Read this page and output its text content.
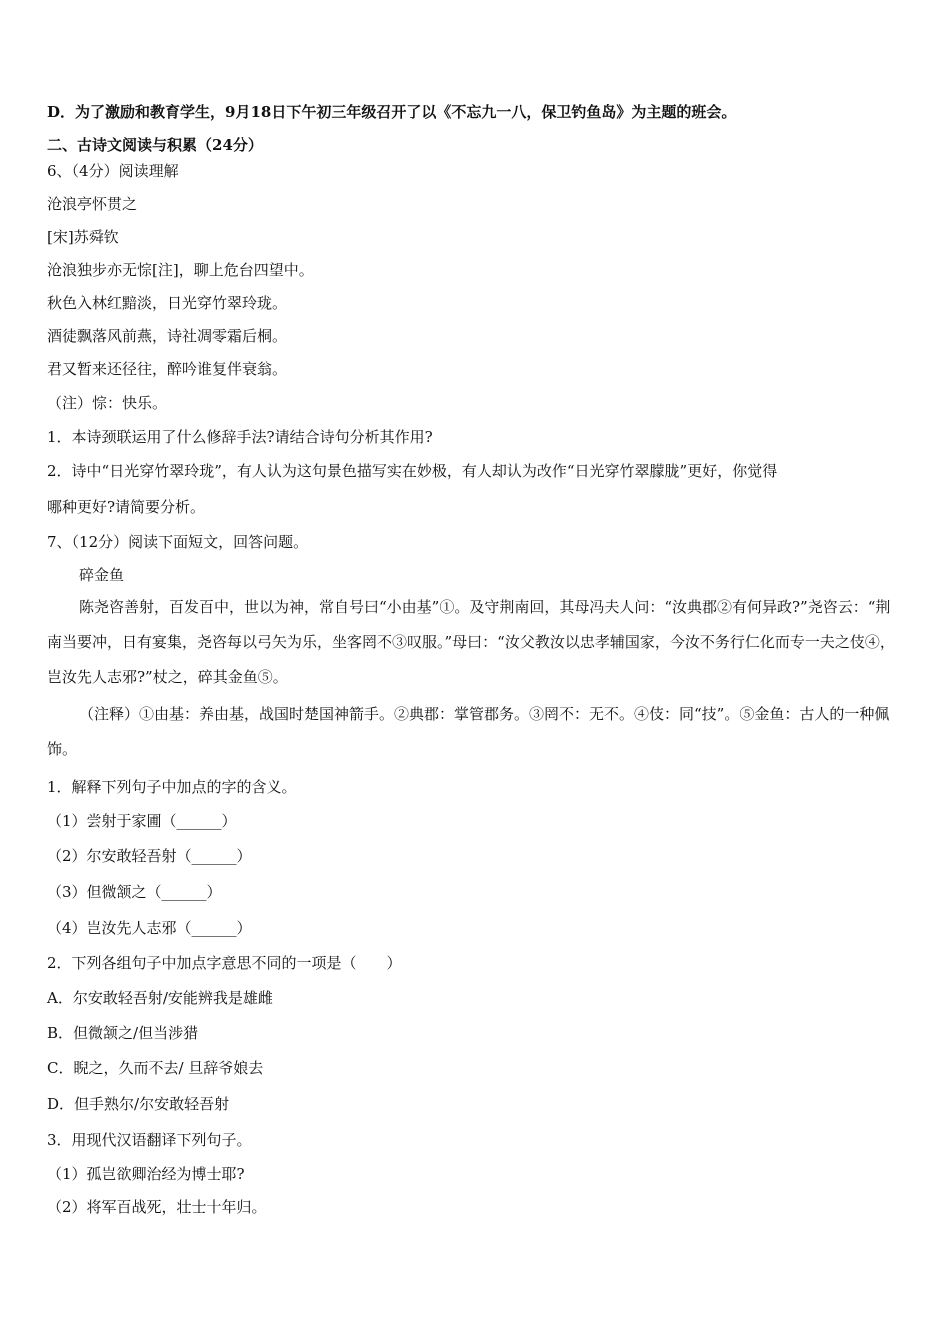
D．为了激励和教育学生，9月18日下午初三年级召开了以《不忘九一八，保卫钓鱼岛》为主题的班会。
二、古诗文阅读与积累（24分）
6、（4分）阅读理解
沧浪亭怀贯之
[宋]苏舜钦
沧浪独步亦无悰[注]，聊上危台四望中。
秋色入林红黯淡，日光穿竹翠玲珑。
酒徒飘落风前燕，诗社凋零霜后桐。
君又暂来还径往，醉吟谁复伴衰翁。
（注）悰：快乐。
1．本诗颈联运用了什么修辞手法?请结合诗句分析其作用?
2．诗中“日光穿竹翠玲珑”，有人认为这句景色描写实在妙极，有人却认为改作“日光穿竹翠朦胧”更好，你觉得
哪种更好?请简要分析。
7、（12分）阅读下面短文，回答问题。
碎金鱼
陈尧咨善射，百发百中，世以为神，常自号曰“小由基”①。及守荆南回，其母冯夫人问：“汝典郡②有何异政?”尧咨云：“荆南当要冲，日有宴集，尧咨每以弓矢为乐，坐客罔不③叹服。”母曰：“汝父教汝以忠孝辅国家，今汝不务行仁化而专一夫之伎④，岂汝先人志邪?”杖之，碎其金鱼⑤。
（注释）①由基：养由基，战国时楚国神箭手。②典郡：掌管郡务。③罔不：无不。④伎：同“技”。⑤金鱼：古人的一种佩饰。
1．解释下列句子中加点的字的含义。
（1）尝射于家圃（______）
（2）尔安敢轻吾射（______）
（3）但微颔之（______）
（4）岂汝先人志邪（______）
2．下列各组句子中加点字意思不同的一项是（　　）
A．尔安敢轻吾射/安能辨我是雄雌
B．但微颔之/但当涉猎
C．睨之，久而不去/ 旦辞爷娘去
D．但手熟尔/尔安敢轻吾射
3．用现代汉语翻译下列句子。
（1）孤岂欲卿治经为博士耶?
（2）将军百战死，壮士十年归。
